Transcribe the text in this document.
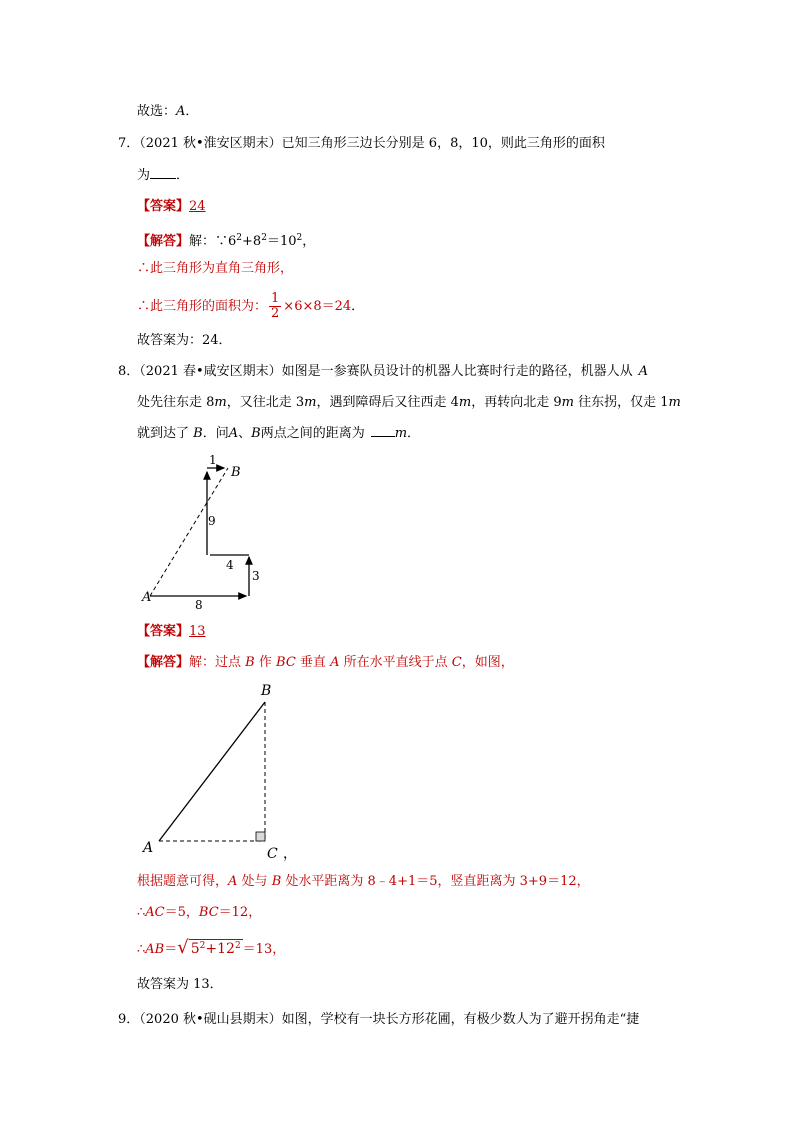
故选：A．
7．（2021 秋•淮安区期末）已知三角形三边长分别是 6，8，10，则此三角形的面积
为 ．
【答案】24
【解答】解：$\because 6^2+8^2=10^2$，
∴此三角形为直角三角形，
∴此三角形的面积为： $\frac{1}{2} \times 6\times 8=24$．
故答案为：24．
8．（2021 春•咸安区期末）如图是一参赛队员设计的机器人比赛时行走的路径，机器人从 A
处先往东走 8m，又往北走 3m，遇到障碍后又往西走 4m，再转向北走 9m 往东拐，仅走 1m
就到达了 B．问A、B两点之间的距离为 m．
A
B
8
3
4
9
1
【答案】13
【解答】解：过点 B 作 BC 垂直 A 所在水平直线于点 C，如图，
A
B
C ，
根据题意可得，A 处与 B 处水平距离为 8﹣4+1＝5，竖直距离为 3+9＝12，
∴AC＝5，BC＝12，
∴AB＝√ $5^2+12^2 =13$，
故答案为 13．
9．（2020 秋•砚山县期末）如图，学校有一块长方形花圃，有极少数人为了避开拐角走“捷
